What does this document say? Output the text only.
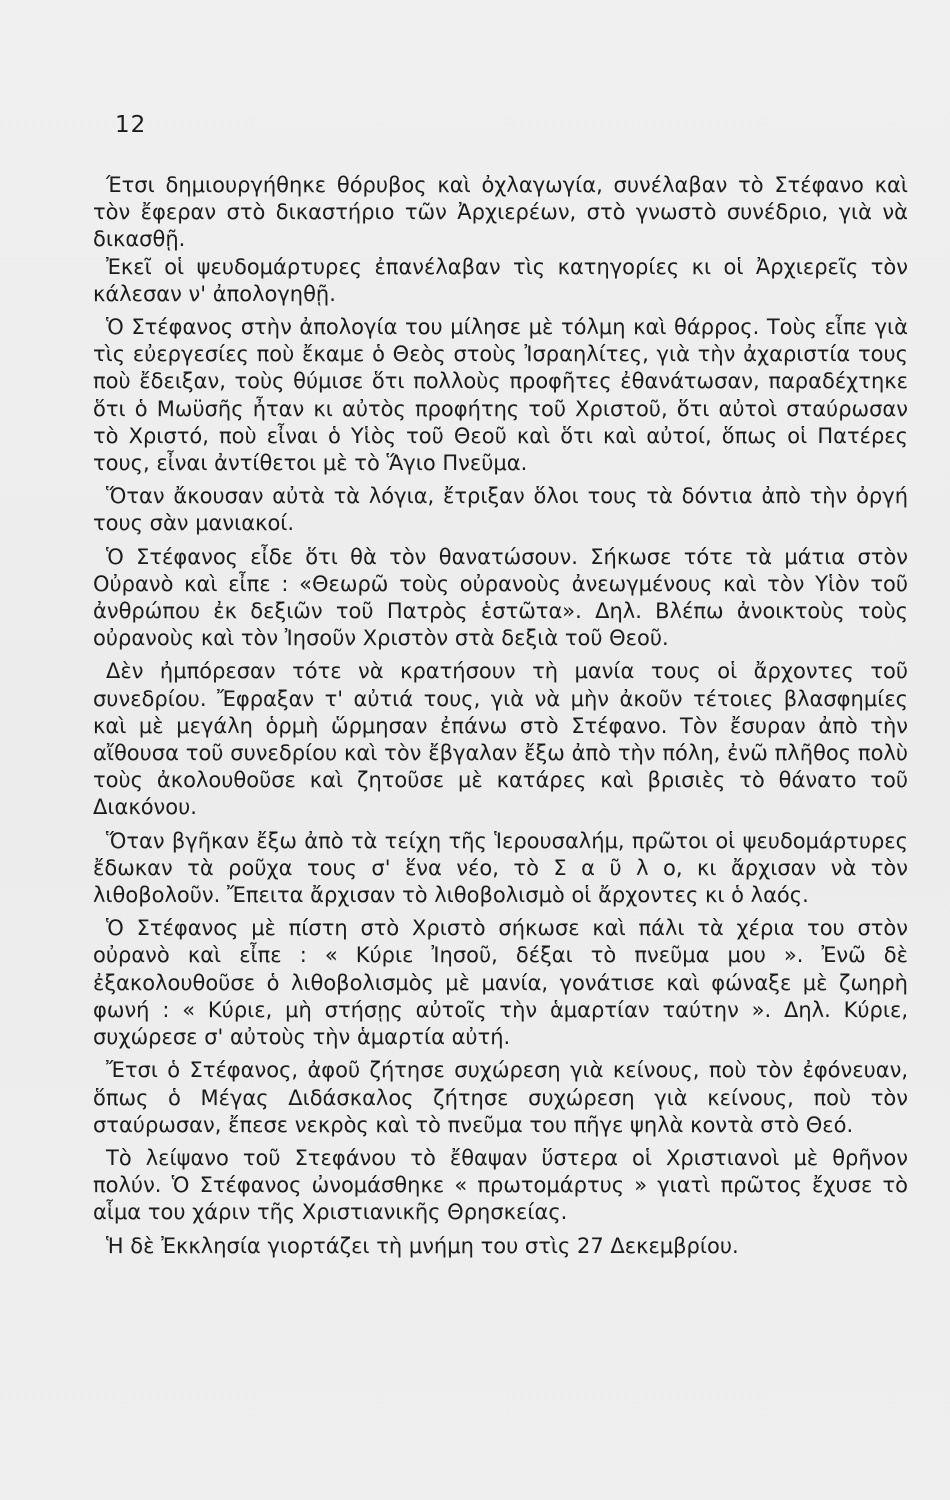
12

Έτσι δημιουργήθηκε θόρυβος καὶ ὀχλαγωγία, συνέλαβαν τὸ Στέφανο καὶ τὸν ἔφεραν στὸ δικαστήριο τῶν Ἀρχιερέων, στὸ γνωστὸ συνέδριο, γιὰ νὰ δικασθῇ.

Ἐκεῖ οἱ ψευδομάρτυρες ἐπανέλαβαν τὶς κατηγορίες κι οἱ Ἀρχιερεῖς τὸν κάλεσαν ν' ἀπολογηθῇ.

Ὁ Στέφανος στὴν ἀπολογία του μίλησε μὲ τόλμη καὶ θάρρος. Τοὺς εἶπε γιὰ τὶς εὐεργεσίες ποὺ ἔκαμε ὁ Θεὸς στοὺς Ἰσραηλίτες, γιὰ τὴν ἀχαριστία τους ποὺ ἔδειξαν, τοὺς θύμισε ὅτι πολλοὺς προφῆτες ἐθανάτωσαν, παραδέχτηκε ὅτι ὁ Μωϋσῆς ἦταν κι αὐτὸς προφήτης τοῦ Χριστοῦ, ὅτι αὐτοὶ σταύρωσαν τὸ Χριστό, ποὺ εἶναι ὁ Υἱὸς τοῦ Θεοῦ καὶ ὅτι καὶ αὐτοί, ὅπως οἱ Πατέρες τους, εἶναι ἀντίθετοι μὲ τὸ Ἅγιο Πνεῦμα.

Ὅταν ἄκουσαν αὐτὰ τὰ λόγια, ἔτριξαν ὅλοι τους τὰ δόντια ἀπὸ τὴν ὀργή τους σὰν μανιακοί.

Ὁ Στέφανος εἶδε ὅτι θὰ τὸν θανατώσουν. Σήκωσε τότε τὰ μάτια στὸν Οὐρανὸ καὶ εἶπε : «Θεωρῶ τοὺς οὐρανοὺς ἀνεωγμένους καὶ τὸν Υἱὸν τοῦ ἀνθρώπου ἐκ δεξιῶν τοῦ Πατρὸς ἑστῶτα». Δηλ. Βλέπω ἀνοικτοὺς τοὺς οὐρανοὺς καὶ τὸν Ἰησοῦν Χριστὸν στὰ δεξιὰ τοῦ Θεοῦ.

Δὲν ἠμπόρεσαν τότε νὰ κρατήσουν τὴ μανία τους οἱ ἄρχοντες τοῦ συνεδρίου. Ἔφραξαν τ' αὐτιά τους, γιὰ νὰ μὴν ἀκοῦν τέτοιες βλασφημίες καὶ μὲ μεγάλη ὁρμὴ ὥρμησαν ἐπάνω στὸ Στέφανο. Τὸν ἔσυραν ἀπὸ τὴν αἴθουσα τοῦ συνεδρίου καὶ τὸν ἔβγαλαν ἔξω ἀπὸ τὴν πόλη, ἐνῶ πλῆθος πολὺ τοὺς ἀκολουθοῦσε καὶ ζητοῦσε μὲ κατάρες καὶ βρισιὲς τὸ θάνατο τοῦ Διακόνου.

Ὅταν βγῆκαν ἔξω ἀπὸ τὰ τείχη τῆς Ἱερουσαλήμ, πρῶτοι οἱ ψευδομάρτυρες ἔδωκαν τὰ ροῦχα τους σ' ἕνα νέο, τὸ Σ α ῦ λ ο, κι ἄρχισαν νὰ τὸν λιθοβολοῦν. Ἔπειτα ἄρχισαν τὸ λιθοβολισμὸ οἱ ἄρχοντες κι ὁ λαός.

Ὁ Στέφανος μὲ πίστη στὸ Χριστὸ σήκωσε καὶ πάλι τὰ χέρια του στὸν οὐρανὸ καὶ εἶπε : « Κύριε Ἰησοῦ, δέξαι τὸ πνεῦμα μου ». Ἐνῶ δὲ ἐξακολουθοῦσε ὁ λιθοβολισμὸς μὲ μανία, γονάτισε καὶ φώναξε μὲ ζωηρὴ φωνή : « Κύριε, μὴ στήσῃς αὐτοῖς τὴν ἁμαρτίαν ταύτην ». Δηλ. Κύριε, συχώρεσε σ' αὐτοὺς τὴν ἁμαρτία αὐτή.

Ἔτσι ὁ Στέφανος, ἀφοῦ ζήτησε συχώρεση γιὰ κείνους, ποὺ τὸν ἐφόνευαν, ὅπως ὁ Μέγας Διδάσκαλος ζήτησε συχώρεση γιὰ κείνους, ποὺ τὸν σταύρωσαν, ἔπεσε νεκρὸς καὶ τὸ πνεῦμα του πῆγε ψηλὰ κοντὰ στὸ Θεό.

Τὸ λείψανο τοῦ Στεφάνου τὸ ἔθαψαν ὕστερα οἱ Χριστιανοὶ μὲ θρῆνον πολύν. Ὁ Στέφανος ὠνομάσθηκε « πρωτομάρτυς » γιατὶ πρῶτος ἔχυσε τὸ αἷμα του χάριν τῆς Χριστιανικῆς Θρησκείας.

Ἡ δὲ Ἐκκλησία γιορτάζει τὴ μνήμη του στὶς 27 Δεκεμβρίου.
